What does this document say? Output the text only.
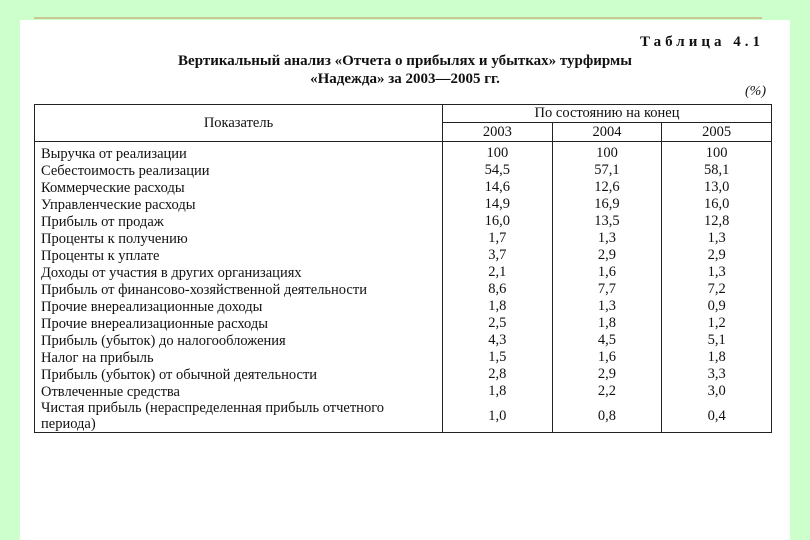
Таблица 4.1
Вертикальный анализ «Отчета о прибылях и убытках» турфирмы
«Надежда» за 2003—2005 гг.
(%)
Показатель	По состоянию на конец		
	2003	2004	2005
Выручка от реализации	100	100	100
Себестоимость реализации	54,5	57,1	58,1
Коммерческие расходы	14,6	12,6	13,0
Управленческие расходы	14,9	16,9	16,0
Прибыль от продаж	16,0	13,5	12,8
Проценты к получению	1,7	1,3	1,3
Проценты к уплате	3,7	2,9	2,9
Доходы от участия в других организациях	2,1	1,6	1,3
Прибыль от финансово-хозяйственной деятельности	8,6	7,7	7,2
Прочие внереализационные доходы	1,8	1,3	0,9
Прочие внереализационные расходы	2,5	1,8	1,2
Прибыль (убыток) до налогообложения	4,3	4,5	5,1
Налог на прибыль	1,5	1,6	1,8
Прибыль (убыток) от обычной деятельности	2,8	2,9	3,3
Отвлеченные средства	1,8	2,2	3,0
Чистая прибыль (нераспределенная прибыль отчетного периода)	1,0	0,8	0,4
